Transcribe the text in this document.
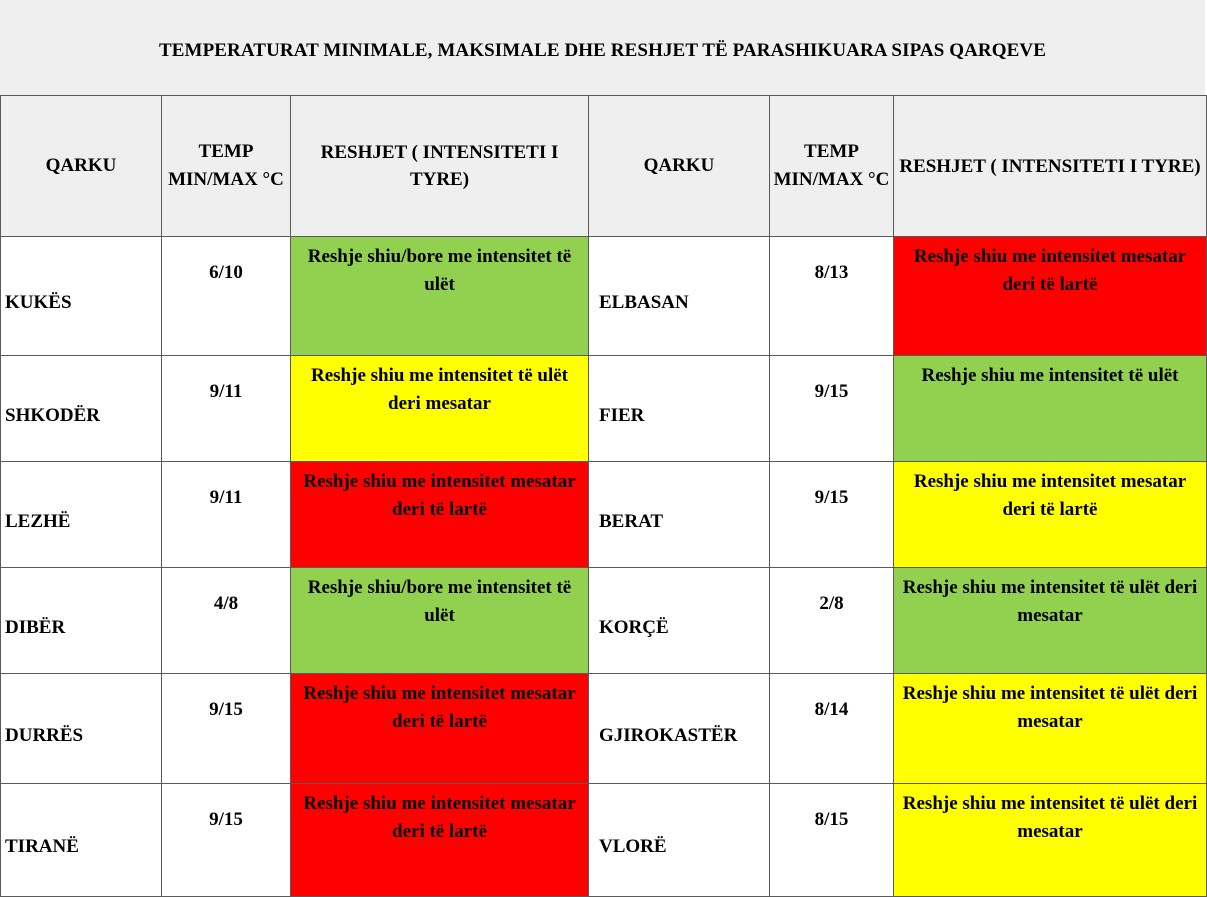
TEMPERATURAT MINIMALE, MAKSIMALE DHE RESHJET TË PARASHIKUARA SIPAS QARQEVE
QARKU	TEMP MIN/MAX °C	RESHJET ( INTENSITETI I TYRE)	QARKU	TEMP MIN/MAX °C	RESHJET ( INTENSITETI I TYRE)
KUKËS	6/10	Reshje shiu/bore me intensitet të ulët	ELBASAN	8/13	Reshje shiu me intensitet mesatar deri të lartë
SHKODËR	9/11	Reshje shiu me intensitet të ulët deri mesatar	FIER	9/15	Reshje shiu me intensitet të ulët
LEZHË	9/11	Reshje shiu me intensitet mesatar deri të lartë	BERAT	9/15	Reshje shiu me intensitet mesatar deri të lartë
DIBËR	4/8	Reshje shiu/bore me intensitet të ulët	KORÇË	2/8	Reshje shiu me intensitet të ulët deri mesatar
DURRËS	9/15	Reshje shiu me intensitet mesatar deri të lartë	GJIROKASTËR	8/14	Reshje shiu me intensitet të ulët deri mesatar
TIRANË	9/15	Reshje shiu me intensitet mesatar deri të lartë	VLORË	8/15	Reshje shiu me intensitet të ulët deri mesatar
